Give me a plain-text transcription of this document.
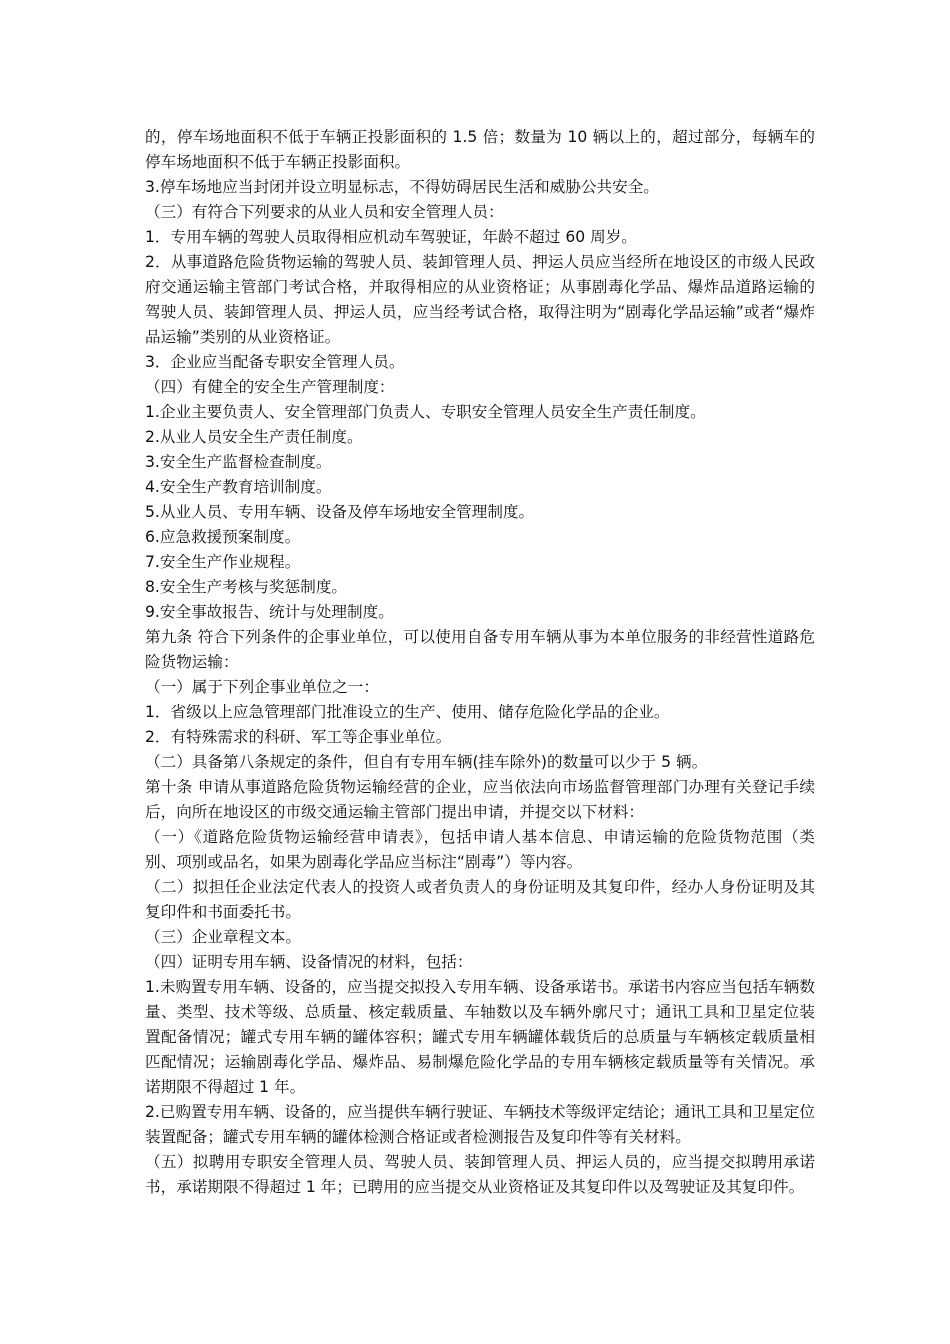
的，停车场地面积不低于车辆正投影面积的 1.5 倍；数量为 10 辆以上的，超过部分，每辆车的停车场地面积不低于车辆正投影面积。

3.停车场地应当封闭并设立明显标志，不得妨碍居民生活和威胁公共安全。

（三）有符合下列要求的从业人员和安全管理人员：

1．专用车辆的驾驶人员取得相应机动车驾驶证，年龄不超过 60 周岁。

2．从事道路危险货物运输的驾驶人员、装卸管理人员、押运人员应当经所在地设区的市级人民政府交通运输主管部门考试合格，并取得相应的从业资格证；从事剧毒化学品、爆炸品道路运输的驾驶人员、装卸管理人员、押运人员，应当经考试合格，取得注明为“剧毒化学品运输”或者“爆炸品运输”类别的从业资格证。

3．企业应当配备专职安全管理人员。

（四）有健全的安全生产管理制度：

1.企业主要负责人、安全管理部门负责人、专职安全管理人员安全生产责任制度。

2.从业人员安全生产责任制度。

3.安全生产监督检查制度。

4.安全生产教育培训制度。

5.从业人员、专用车辆、设备及停车场地安全管理制度。

6.应急救援预案制度。

7.安全生产作业规程。

8.安全生产考核与奖惩制度。

9.安全事故报告、统计与处理制度。

第九条 符合下列条件的企事业单位，可以使用自备专用车辆从事为本单位服务的非经营性道路危险货物运输：

（一）属于下列企事业单位之一：

1．省级以上应急管理部门批准设立的生产、使用、储存危险化学品的企业。

2．有特殊需求的科研、军工等企事业单位。

（二）具备第八条规定的条件，但自有专用车辆(挂车除外)的数量可以少于 5 辆。

第十条 申请从事道路危险货物运输经营的企业，应当依法向市场监督管理部门办理有关登记手续后，向所在地设区的市级交通运输主管部门提出申请，并提交以下材料：

（一）《道路危险货物运输经营申请表》，包括申请人基本信息、申请运输的危险货物范围（类别、项别或品名，如果为剧毒化学品应当标注“剧毒”）等内容。

（二）拟担任企业法定代表人的投资人或者负责人的身份证明及其复印件，经办人身份证明及其复印件和书面委托书。

（三）企业章程文本。

（四）证明专用车辆、设备情况的材料，包括：

1.未购置专用车辆、设备的，应当提交拟投入专用车辆、设备承诺书。承诺书内容应当包括车辆数量、类型、技术等级、总质量、核定载质量、车轴数以及车辆外廓尺寸；通讯工具和卫星定位装置配备情况；罐式专用车辆的罐体容积；罐式专用车辆罐体载货后的总质量与车辆核定载质量相匹配情况；运输剧毒化学品、爆炸品、易制爆危险化学品的专用车辆核定载质量等有关情况。承诺期限不得超过 1 年。

2.已购置专用车辆、设备的，应当提供车辆行驶证、车辆技术等级评定结论；通讯工具和卫星定位装置配备；罐式专用车辆的罐体检测合格证或者检测报告及复印件等有关材料。

（五）拟聘用专职安全管理人员、驾驶人员、装卸管理人员、押运人员的，应当提交拟聘用承诺书，承诺期限不得超过 1 年；已聘用的应当提交从业资格证及其复印件以及驾驶证及其复印件。
